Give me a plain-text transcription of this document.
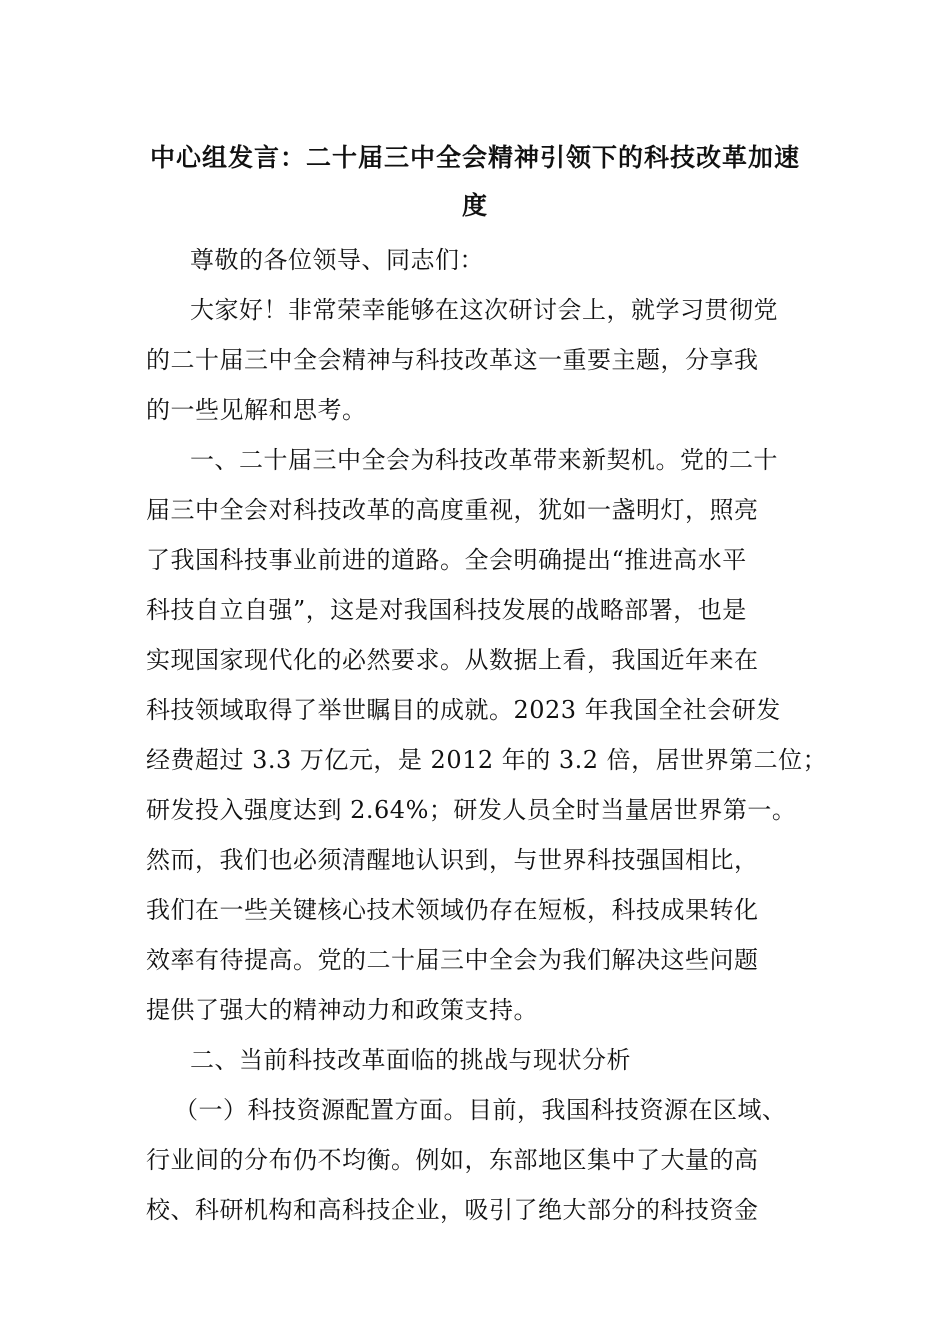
中心组发言：二十届三中全会精神引领下的科技改革加速
度

尊敬的各位领导、同志们：

大家好！非常荣幸能够在这次研讨会上，就学习贯彻党

的二十届三中全会精神与科技改革这一重要主题，分享我

的一些见解和思考。

一、二十届三中全会为科技改革带来新契机。党的二十

届三中全会对科技改革的高度重视，犹如一盏明灯，照亮

了我国科技事业前进的道路。全会明确提出“推进高水平

科技自立自强”，这是对我国科技发展的战略部署，也是

实现国家现代化的必然要求。从数据上看，我国近年来在

科技领域取得了举世瞩目的成就。2023 年我国全社会研发

经费超过 3.3 万亿元，是 2012 年的 3.2 倍，居世界第二位；

研发投入强度达到 2.64%；研发人员全时当量居世界第一。

然而，我们也必须清醒地认识到，与世界科技强国相比，

我们在一些关键核心技术领域仍存在短板，科技成果转化

效率有待提高。党的二十届三中全会为我们解决这些问题

提供了强大的精神动力和政策支持。

二、当前科技改革面临的挑战与现状分析

（一）科技资源配置方面。目前，我国科技资源在区域、

行业间的分布仍不均衡。例如，东部地区集中了大量的高

校、科研机构和高科技企业，吸引了绝大部分的科技资金
